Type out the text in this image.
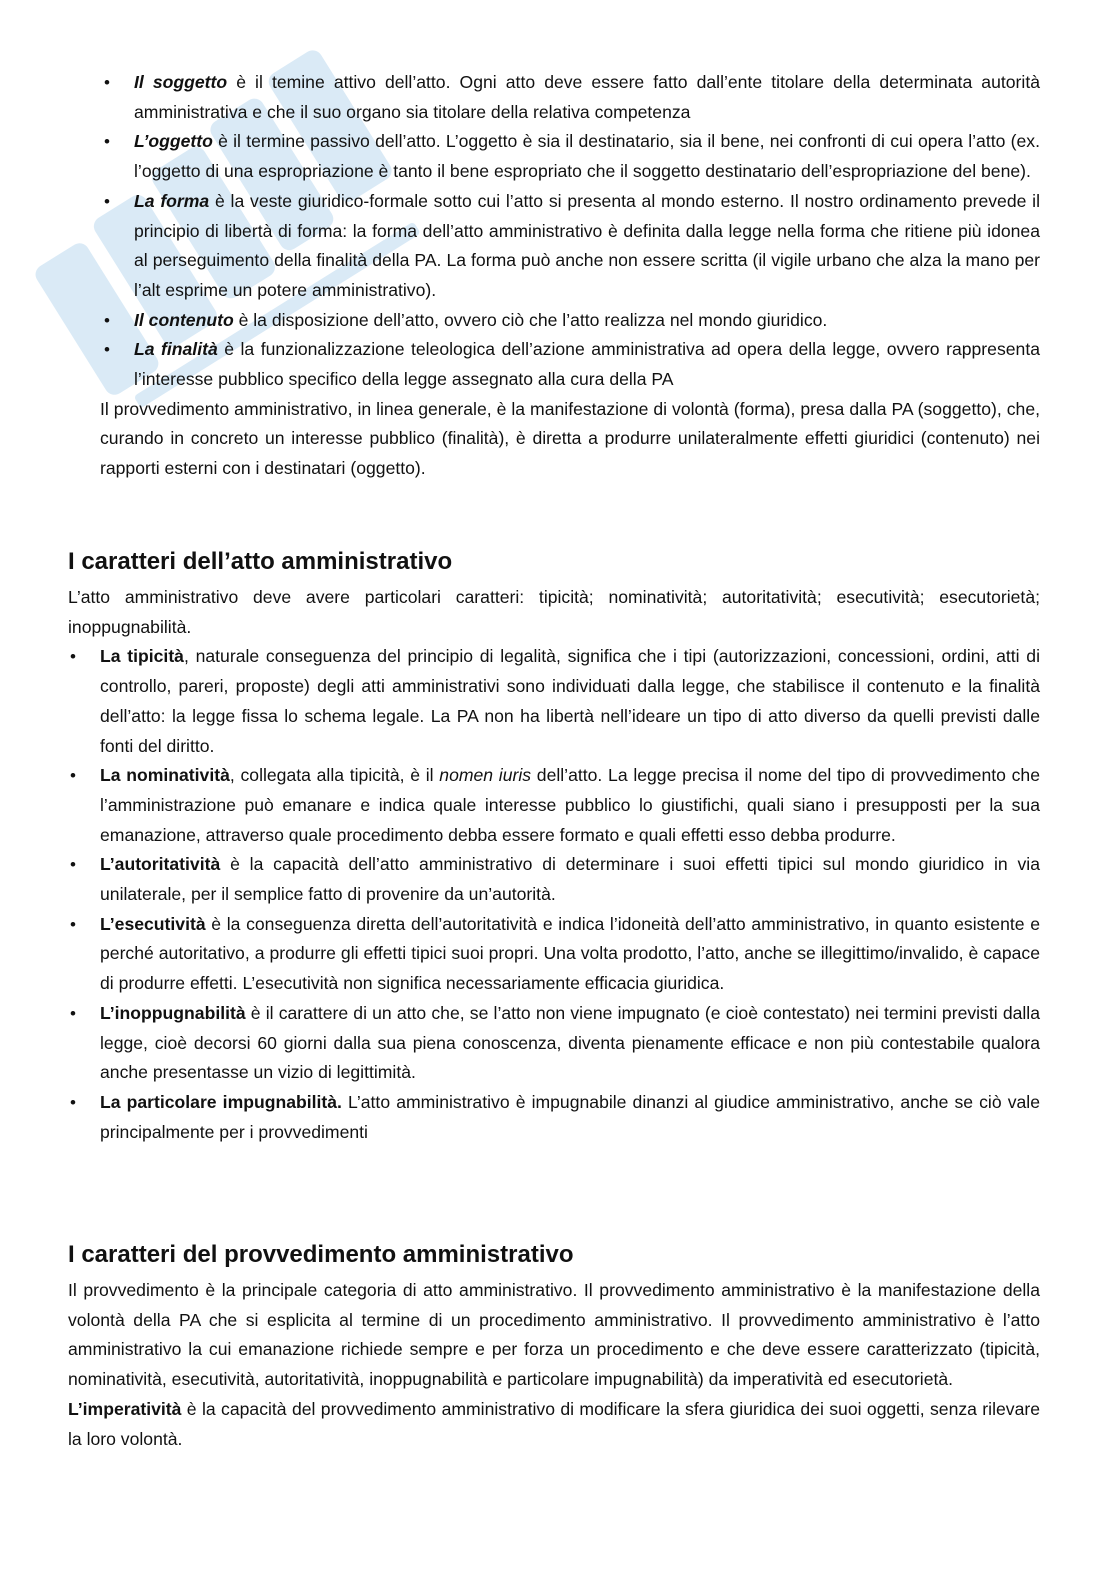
• Il soggetto è il temine attivo dell’atto. Ogni atto deve essere fatto dall’ente titolare della determinata autorità amministrativa e che il suo organo sia titolare della relativa competenza
• L’oggetto è il termine passivo dell’atto. L’oggetto è sia il destinatario, sia il bene, nei confronti di cui opera l’atto (ex. l’oggetto di una espropriazione è tanto il bene espropriato che il soggetto destinatario dell’espropriazione del bene).
• La forma è la veste giuridico-formale sotto cui l’atto si presenta al mondo esterno. Il nostro ordinamento prevede il principio di libertà di forma: la forma dell’atto amministrativo è definita dalla legge nella forma che ritiene più idonea al perseguimento della finalità della PA. La forma può anche non essere scritta (il vigile urbano che alza la mano per l’alt esprime un potere amministrativo).
• Il contenuto è la disposizione dell’atto, ovvero ciò che l’atto realizza nel mondo giuridico.
• La finalità è la funzionalizzazione teleologica dell’azione amministrativa ad opera della legge, ovvero rappresenta l’interesse pubblico specifico della legge assegnato alla cura della PA

Il provvedimento amministrativo, in linea generale, è la manifestazione di volontà (forma), presa dalla PA (soggetto), che, curando in concreto un interesse pubblico (finalità), è diretta a produrre unilateralmente effetti giuridici (contenuto) nei rapporti esterni con i destinatari (oggetto).

I caratteri dell’atto amministrativo

L’atto amministrativo deve avere particolari caratteri: tipicità; nominatività; autoritatività; esecutività; esecutorietà; inoppugnabilità.

• La tipicità, naturale conseguenza del principio di legalità, significa che i tipi (autorizzazioni, concessioni, ordini, atti di controllo, pareri, proposte) degli atti amministrativi sono individuati dalla legge, che stabilisce il contenuto e la finalità dell’atto: la legge fissa lo schema legale. La PA non ha libertà nell’ideare un tipo di atto diverso da quelli previsti dalle fonti del diritto.
• La nominatività, collegata alla tipicità, è il nomen iuris dell’atto. La legge precisa il nome del tipo di provvedimento che l’amministrazione può emanare e indica quale interesse pubblico lo giustifichi, quali siano i presupposti per la sua emanazione, attraverso quale procedimento debba essere formato e quali effetti esso debba produrre.
• L’autoritatività è la capacità dell’atto amministrativo di determinare i suoi effetti tipici sul mondo giuridico in via unilaterale, per il semplice fatto di provenire da un’autorità.
• L’esecutività è la conseguenza diretta dell’autoritatività e indica l’idoneità dell’atto amministrativo, in quanto esistente e perché autoritativo, a produrre gli effetti tipici suoi propri. Una volta prodotto, l’atto, anche se illegittimo/invalido, è capace di produrre effetti. L’esecutività non significa necessariamente efficacia giuridica.
• L’inoppugnabilità è il carattere di un atto che, se l’atto non viene impugnato (e cioè contestato) nei termini previsti dalla legge, cioè decorsi 60 giorni dalla sua piena conoscenza, diventa pienamente efficace e non più contestabile qualora anche presentasse un vizio di legittimità.
• La particolare impugnabilità. L’atto amministrativo è impugnabile dinanzi al giudice amministrativo, anche se ciò vale principalmente per i provvedimenti
I caratteri del provvedimento amministrativo

Il provvedimento è la principale categoria di atto amministrativo. Il provvedimento amministrativo è la manifestazione della volontà della PA che si esplicita al termine di un procedimento amministrativo. Il provvedimento amministrativo è l’atto amministrativo la cui emanazione richiede sempre e per forza un procedimento e che deve essere caratterizzato (tipicità, nominatività, esecutività, autoritatività, inoppugnabilità e particolare impugnabilità) da imperatività ed esecutorietà.

L’imperatività è la capacità del provvedimento amministrativo di modificare la sfera giuridica dei suoi oggetti, senza rilevare la loro volontà.
